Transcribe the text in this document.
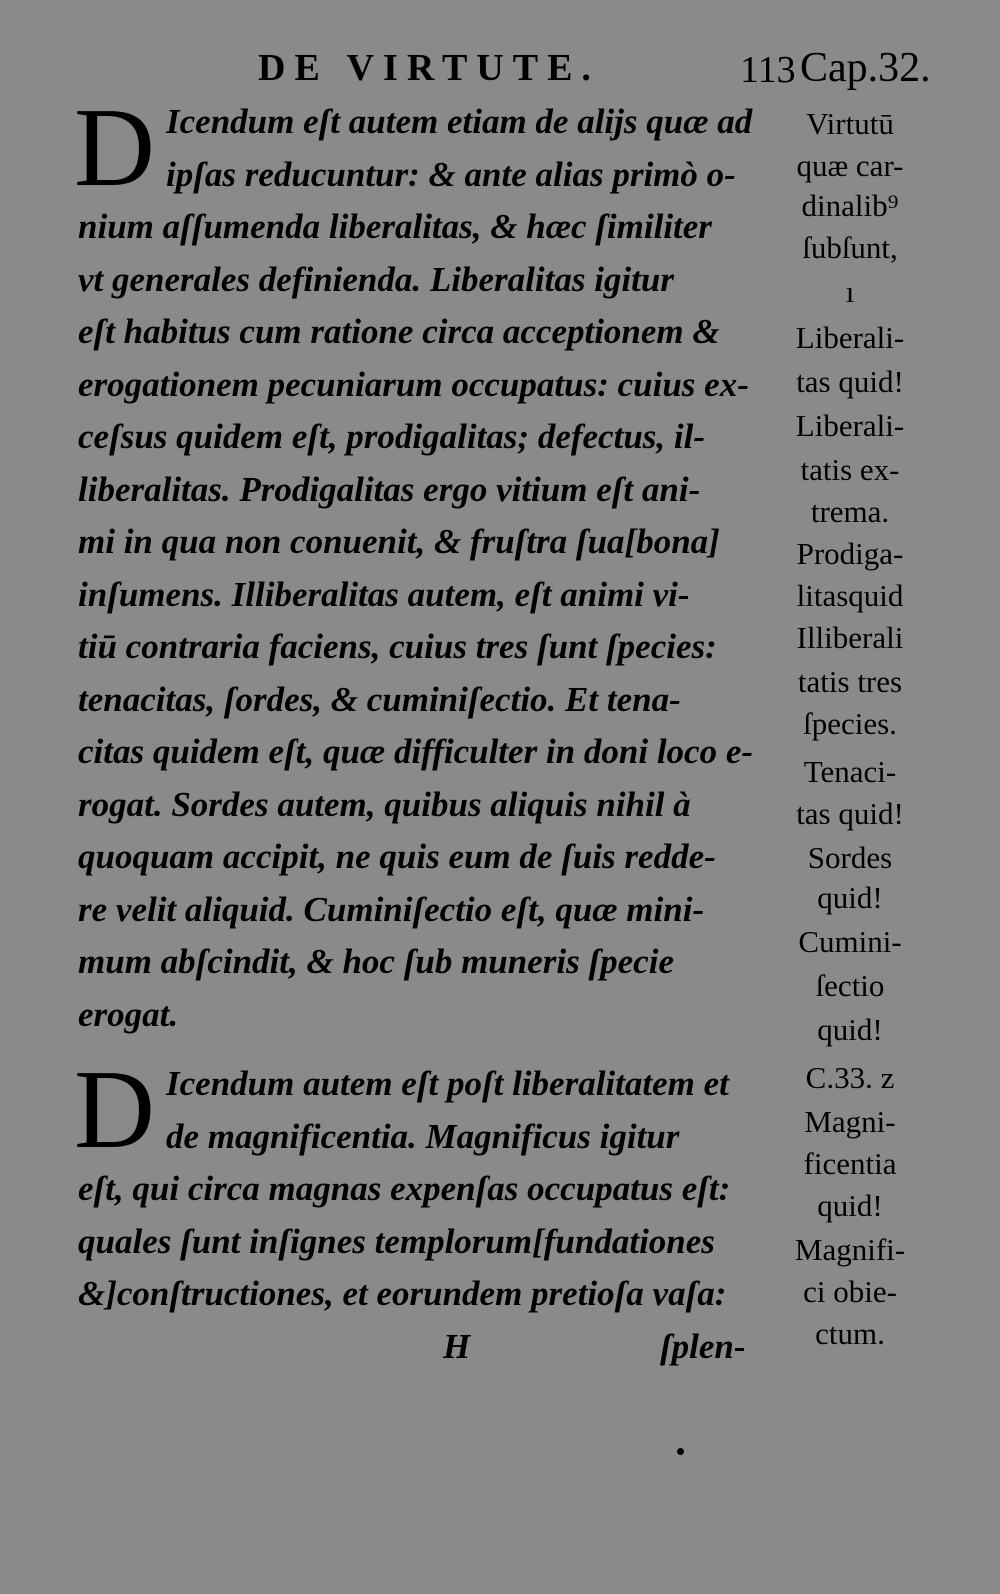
DE VIRTUTE.	113 Cap.32.
D Icendum eſt autem etiam de alijs quæ ad
ipſas reducuntur: & ante alias primò o-
nium aſſumenda liberalitas, & hæc ſimiliter
vt generales definienda. Liberalitas igitur
eſt habitus cum ratione circa acceptionem &
erogationem pecuniarum occupatus: cuius ex-
ceſsus quidem eſt, prodigalitas; defectus, il-
liberalitas. Prodigalitas ergo vitium eſt ani-
mi in qua non conuenit, & fruſtra ſua[bona]
inſumens. Illiberalitas autem, eſt animi vi-
tiū contraria faciens, cuius tres ſunt ſpecies:
tenacitas, ſordes, & cuminiſectio. Et tena-
citas quidem eſt, quæ difficulter in doni loco e-
rogat. Sordes autem, quibus aliquis nihil à
quoquam accipit, ne quis eum de ſuis redde-
re velit aliquid. Cuminiſectio eſt, quæ mini-
mum abſcindit, & hoc ſub muneris ſpecie
erogat.
D Icendum autem eſt poſt liberalitatem et
de magnificentia. Magnificus igitur
eſt, qui circa magnas expenſas occupatus eſt:
quales ſunt inſignes templorum[fundationes
&]conſtructiones, et eorundem pretioſa vaſa:
H	ſplen-
Virtutū
quæ car-
dinalib⁹
ſubſunt,
ı
Liberali-
tas quid!
Liberali-
tatis ex-
trema.
Prodiga-
litasquid
Illiberali
tatis tres
ſpecies.
Tenaci-
tas quid!
Sordes
quid!
Cumini-
ſectio
quid!
C.33. z
Magni-
ficentia
quid!
Magnifi-
ci obie-
ctum.
